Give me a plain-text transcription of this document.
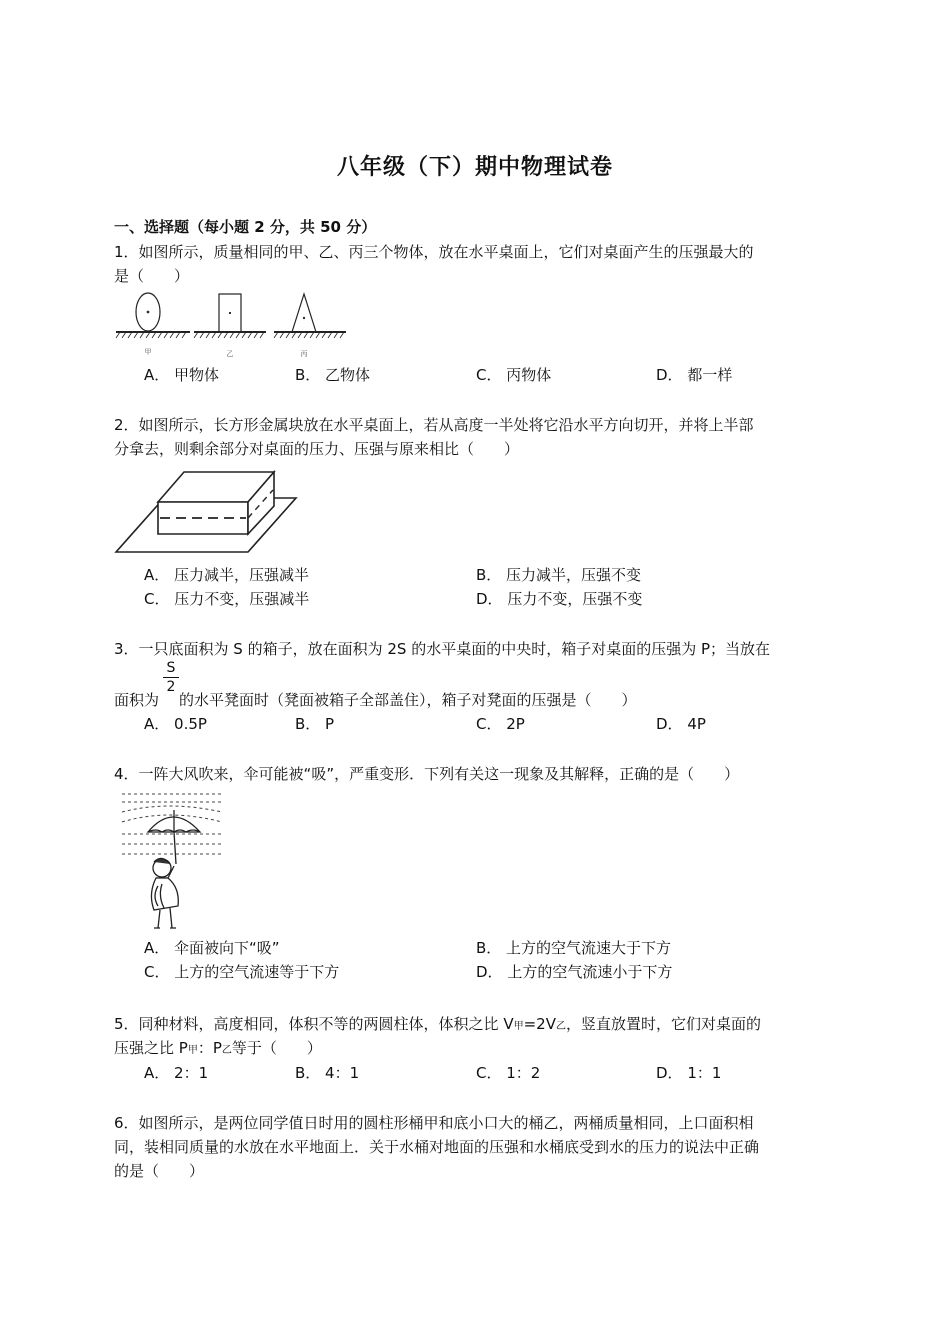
八年级（下）期中物理试卷
一、选择题（每小题 2 分，共 50 分）
1．如图所示，质量相同的甲、乙、丙三个物体，放在水平桌面上，它们对桌面产生的压强最大的
是（　　）
甲	乙	丙
A． 甲物体	B． 乙物体	C． 丙物体	D． 都一样
2．如图所示，长方形金属块放在水平桌面上，若从高度一半处将它沿水平方向切开，并将上半部
分拿去，则剩余部分对桌面的压力、压强与原来相比（　　）
A． 压力减半，压强减半	B． 压力减半，压强不变
C． 压力不变，压强减半	D． 压力不变，压强不变
3．一只底面积为 S 的箱子，放在面积为 2S 的水平桌面的中央时，箱子对桌面的压强为 P；当放在
S
2
面积为 的水平凳面时（凳面被箱子全部盖住），箱子对凳面的压强是（　　）
A． 0.5P	B． P	C． 2P	D． 4P
4．一阵大风吹来，伞可能被“吸”，严重变形．下列有关这一现象及其解释，正确的是（　　）
A． 伞面被向下“吸”	B． 上方的空气流速大于下方
C． 上方的空气流速等于下方	D． 上方的空气流速小于下方
5．同种材料，高度相同，体积不等的两圆柱体，体积之比 V甲=2V乙，竖直放置时，它们对桌面的
压强之比 P甲：P乙等于（　　）
A． 2：1	B． 4：1	C． 1：2	D． 1：1
6．如图所示，是两位同学值日时用的圆柱形桶甲和底小口大的桶乙，两桶质量相同，上口面积相
同，装相同质量的水放在水平地面上．关于水桶对地面的压强和水桶底受到水的压力的说法中正确
的是（　　）
